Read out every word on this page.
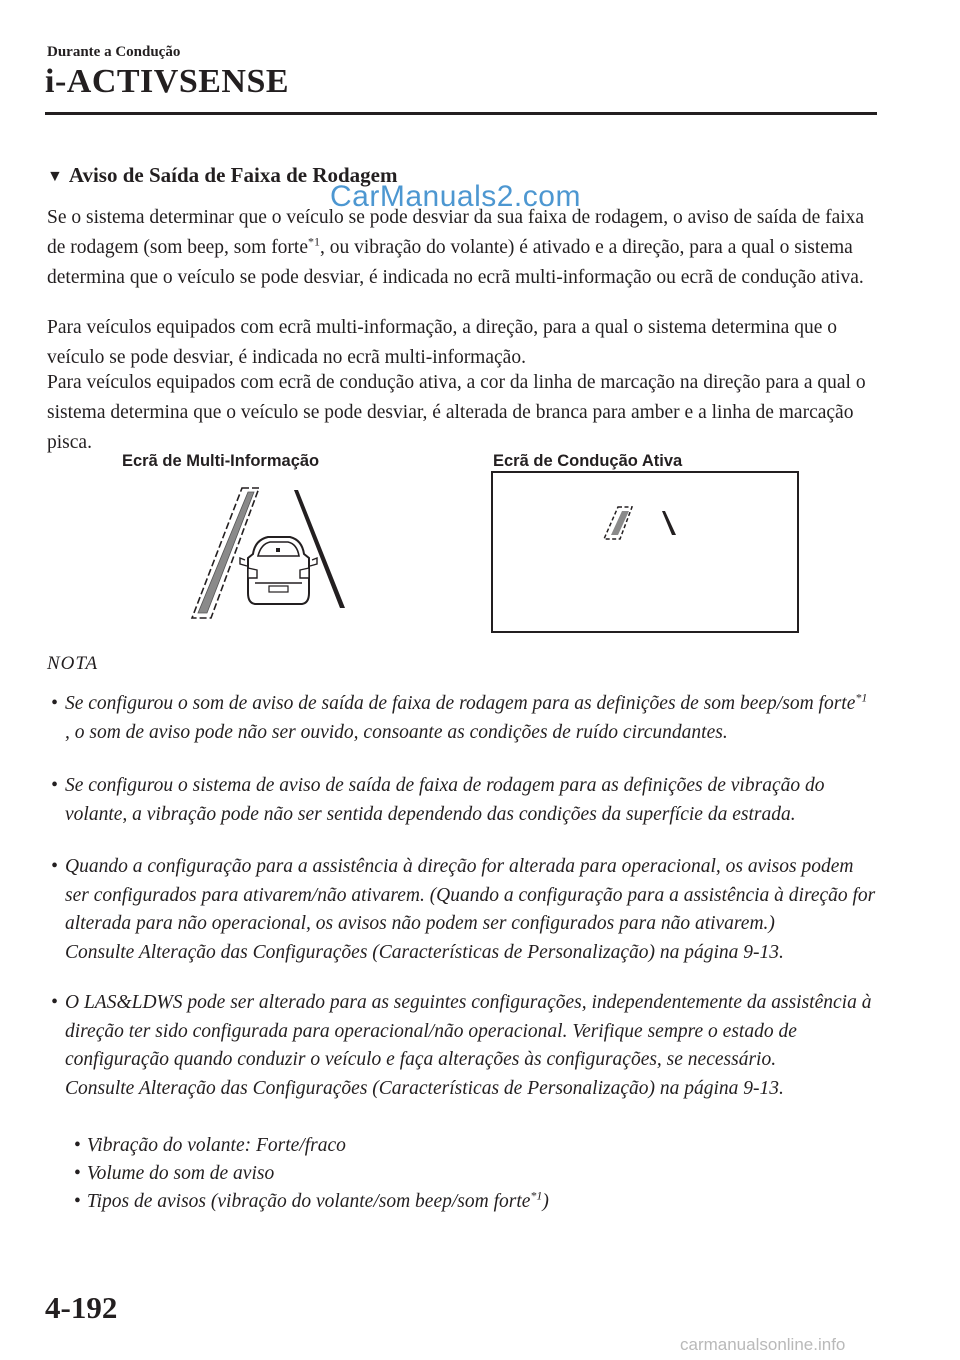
Durante a Condução
i-ACTIVSENSE
▼ Aviso de Saída de Faixa de Rodagem

Se o sistema determinar que o veículo se pode desviar da sua faixa de rodagem, o aviso de saída de faixa de rodagem (som beep, som forte$^{*1}$, ou vibração do volante) é ativado e a direção, para a qual o sistema determina que o veículo se pode desviar, é indicada no ecrã multi-informação ou ecrã de condução ativa.

Para veículos equipados com ecrã multi-informação, a direção, para a qual o sistema determina que o veículo se pode desviar, é indicada no ecrã multi-informação.

Para veículos equipados com ecrã de condução ativa, a cor da linha de marcação na direção para a qual o sistema determina que o veículo se pode desviar, é alterada de branca para amber e a linha de marcação pisca.

CarManuals2.com
Ecrã de Multi-Informação	Ecrã de Condução Ativa
NOTA
• Se configurou o som de aviso de saída de faixa de rodagem para as definições de som beep/som forte$^{*1}$ , o som de aviso pode não ser ouvido, consoante as condições de ruído circundantes.
• Se configurou o sistema de aviso de saída de faixa de rodagem para as definições de vibração do volante, a vibração pode não ser sentida dependendo das condições da superfície da estrada.
• Quando a configuração para a assistência à direção for alterada para operacional, os avisos podem ser configurados para ativarem/não ativarem. (Quando a configuração para a assistência à direção for alterada para não operacional, os avisos não podem ser configurados para não ativarem.)
Consulte Alteração das Configurações (Características de Personalização) na página 9-13.
• O LAS&LDWS pode ser alterado para as seguintes configurações, independentemente da assistência à direção ter sido configurada para operacional/não operacional. Verifique sempre o estado de configuração quando conduzir o veículo e faça alterações às configurações, se necessário.
Consulte Alteração das Configurações (Características de Personalização) na página 9-13.
• Vibração do volante: Forte/fraco
• Volume do som de aviso
• Tipos de avisos (vibração do volante/som beep/som forte$^{*1}$)
4-192
carmanualsonline.info
